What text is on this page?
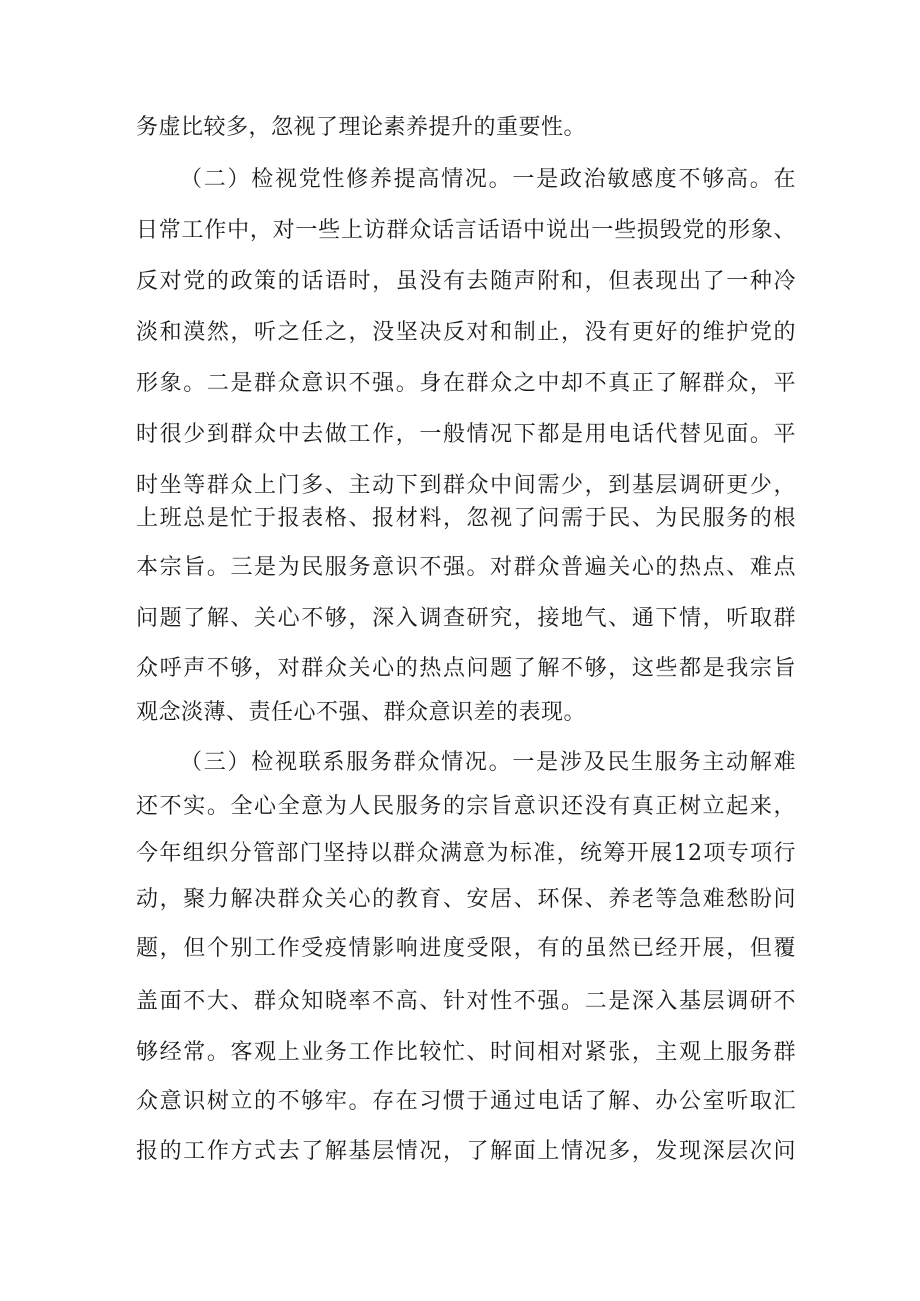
务虚比较多，忽视了理论素养提升的重要性。
（二）检视党性修养提高情况。一是政治敏感度不够高。在
日常工作中，对一些上访群众话言话语中说出一些损毁党的形象、
反对党的政策的话语时，虽没有去随声附和，但表现出了一种冷
淡和漠然，听之任之，没坚决反对和制止，没有更好的维护党的
形象。二是群众意识不强。身在群众之中却不真正了解群众，平
时很少到群众中去做工作，一般情况下都是用电话代替见面。平
时坐等群众上门多、主动下到群众中间需少，到基层调研更少，
上班总是忙于报表格、报材料，忽视了问需于民、为民服务的根
本宗旨。三是为民服务意识不强。对群众普遍关心的热点、难点
问题了解、关心不够，深入调查研究，接地气、通下情，听取群
众呼声不够，对群众关心的热点问题了解不够，这些都是我宗旨
观念淡薄、责任心不强、群众意识差的表现。
（三）检视联系服务群众情况。一是涉及民生服务主动解难
还不实。全心全意为人民服务的宗旨意识还没有真正树立起来，
今年组织分管部门坚持以群众满意为标准，统筹开展12项专项行
动，聚力解决群众关心的教育、安居、环保、养老等急难愁盼问
题，但个别工作受疫情影响进度受限，有的虽然已经开展，但覆
盖面不大、群众知晓率不高、针对性不强。二是深入基层调研不
够经常。客观上业务工作比较忙、时间相对紧张，主观上服务群
众意识树立的不够牢。存在习惯于通过电话了解、办公室听取汇
报的工作方式去了解基层情况，了解面上情况多，发现深层次问
